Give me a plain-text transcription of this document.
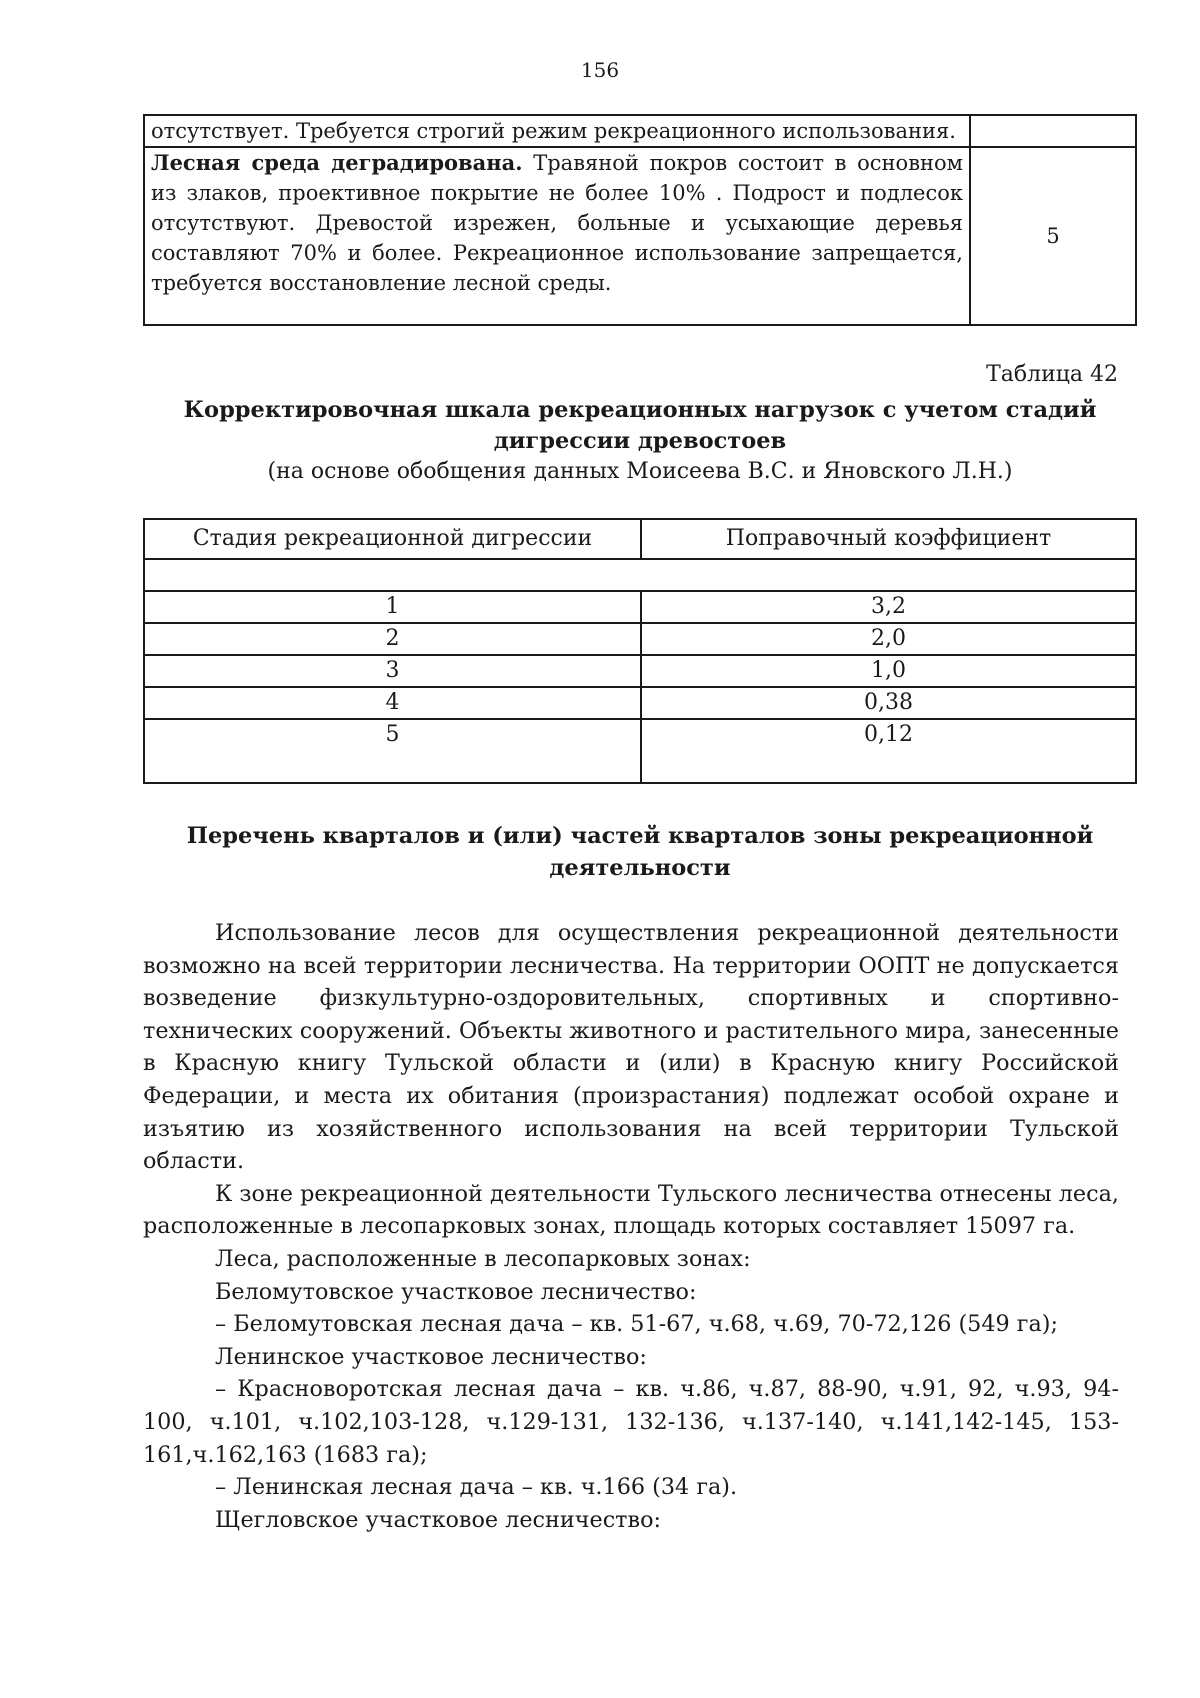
156
отсутствует. Требуется строгий режим рекреационного использования.	
Лесная среда деградирована. Травяной покров состоит в основном из злаков, проективное покрытие не более 10% . Подрост и подлесок отсутствуют. Древостой изрежен, больные и усыхающие деревья составляют 70% и более. Рекреационное использование запрещается, требуется восстановление лесной среды.	5
Таблица 42
Корректировочная шкала рекреационных нагрузок с учетом стадий дигрессии древостоев
(на основе обобщения данных Моисеева В.С. и Яновского Л.Н.)
Стадия рекреационной дигрессии	Поправочный коэффициент

1	3,2
2	2,0
3	1,0
4	0,38
5	0,12
Перечень кварталов и (или) частей кварталов зоны рекреационной деятельности

Использование лесов для осуществления рекреационной деятельности возможно на всей территории лесничества. На территории ООПТ не допускается возведение физкультурно-оздоровительных, спортивных и спортивно-технических сооружений. Объекты животного и растительного мира, занесенные в Красную книгу Тульской области и (или) в Красную книгу Российской Федерации, и места их обитания (произрастания) подлежат особой охране и изъятию из хозяйственного использования на всей территории Тульской области.

К зоне рекреационной деятельности Тульского лесничества отнесены леса, расположенные в лесопарковых зонах, площадь которых составляет 15097 га.

Леса, расположенные в лесопарковых зонах:

Беломутовское участковое лесничество:

– Беломутовская лесная дача – кв. 51-67, ч.68, ч.69, 70-72,126 (549 га);

Ленинское участковое лесничество:

– Красноворотская лесная дача – кв. ч.86, ч.87, 88-90, ч.91, 92, ч.93, 94-100, ч.101, ч.102,103-128, ч.129-131, 132-136, ч.137-140, ч.141,142-145, 153-161,ч.162,163 (1683 га);

– Ленинская лесная дача – кв. ч.166 (34 га).

Щегловское участковое лесничество:
